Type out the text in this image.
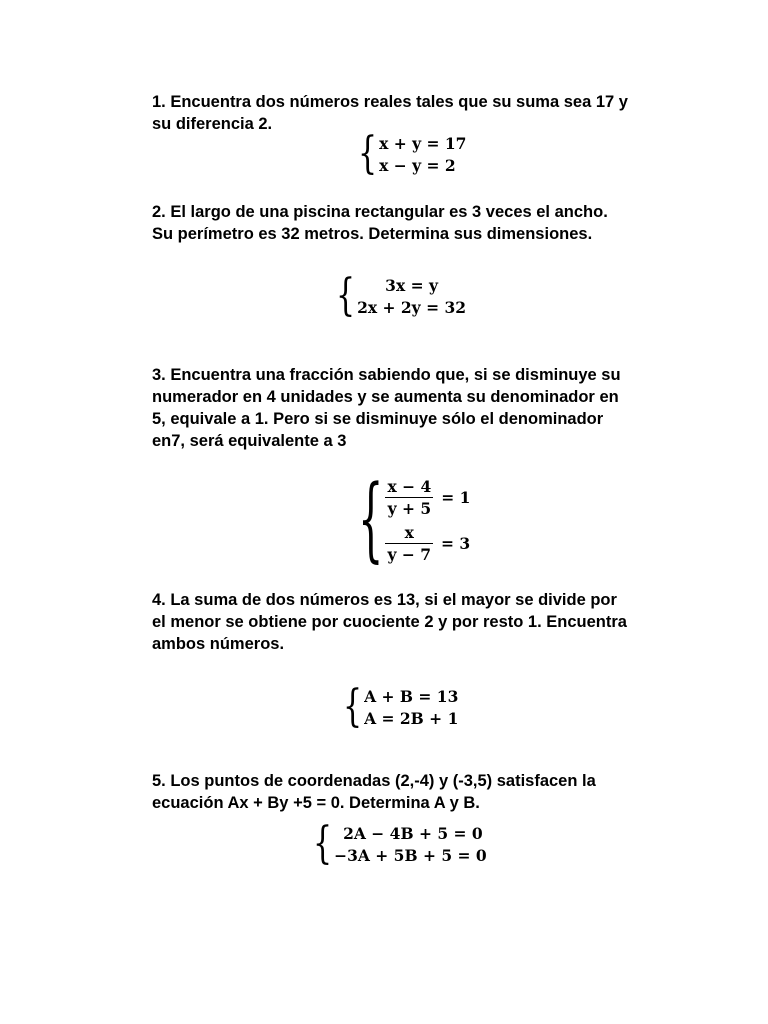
1. Encuentra dos números reales tales que su suma sea 17 y
su diferencia 2.

{ x + y = 17
x − y = 2

2. El largo de una piscina rectangular es 3 veces el ancho.
Su perímetro es 32 metros. Determina sus dimensiones.

{	3x = y
2x + 2y = 32

3. Encuentra una fracción sabiendo que, si se disminuye su
numerador en 4 unidades y se aumenta su denominador en
5, equivale a 1. Pero si se disminuye sólo el denominador
en7, será equivalente a 3

{ $\frac{x - 4}{y + 5} = 1$
$\frac{x}{y - 7} = 3$

4. La suma de dos números es 13, si el mayor se divide por
el menor se obtiene por cuociente 2 y por resto 1. Encuentra
ambos números.

{ A + B = 13
A = 2B + 1

5. Los puntos de coordenadas (2,-4) y (-3,5) satisfacen la
ecuación Ax + By +5 = 0. Determina A y B.

{ 2A − 4B + 5 = 0
−3A + 5B + 5 = 0
